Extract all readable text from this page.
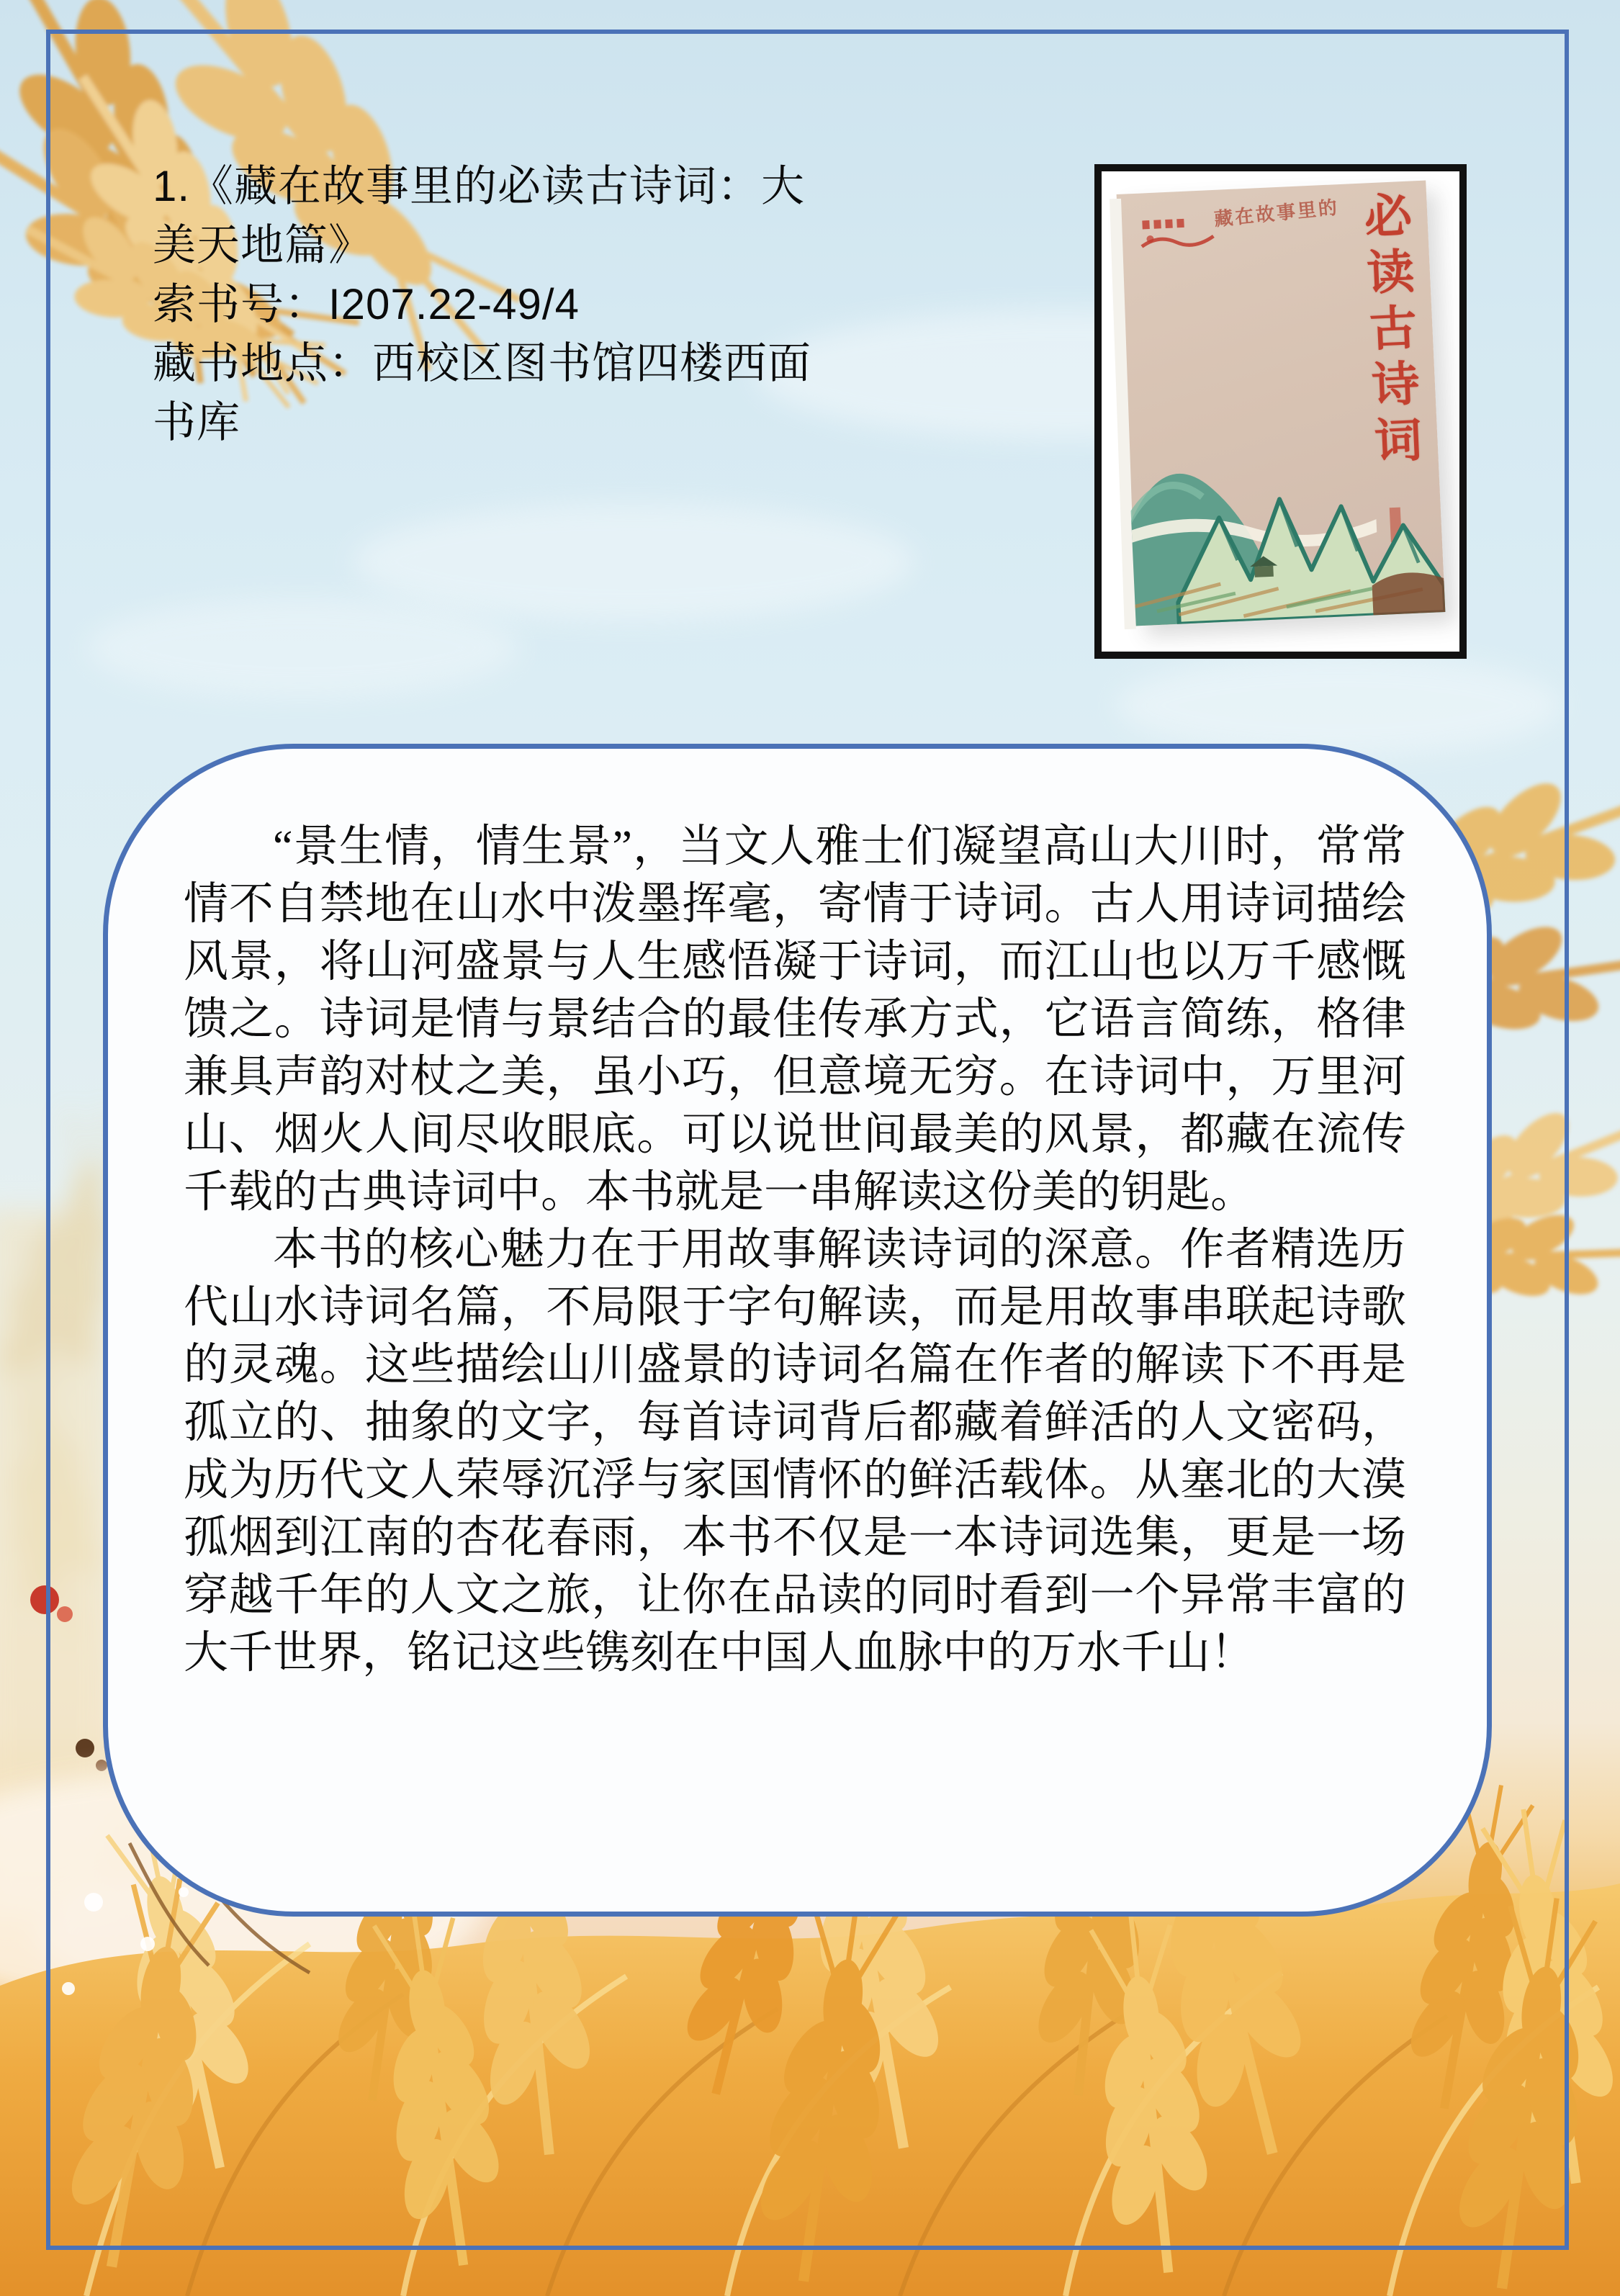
1.《藏在故事里的必读古诗词：大美天地篇》
索书号：I207.22-49/4
藏书地点：西校区图书馆四楼西面书库
藏在故事里的 必读古诗词

“景生情，情生景”，当文人雅士们凝望高山大川时，常常情不自禁地在山水中泼墨挥毫，寄情于诗词。古人用诗词描绘风景，将山河盛景与人生感悟凝于诗词，而江山也以万千感慨馈之。诗词是情与景结合的最佳传承方式，它语言简练，格律兼具声韵对杖之美，虽小巧，但意境无穷。在诗词中，万里河山、烟火人间尽收眼底。可以说世间最美的风景，都藏在流传千载的古典诗词中。本书就是一串解读这份美的钥匙。

本书的核心魅力在于用故事解读诗词的深意。作者精选历代山水诗词名篇，不局限于字句解读，而是用故事串联起诗歌的灵魂。这些描绘山川盛景的诗词名篇在作者的解读下不再是孤立的、抽象的文字，每首诗词背后都藏着鲜活的人文密码，成为历代文人荣辱沉浮与家国情怀的鲜活载体。从塞北的大漠孤烟到江南的杏花春雨，本书不仅是一本诗词选集，更是一场穿越千年的人文之旅，让你在品读的同时看到一个异常丰富的大千世界，铭记这些镌刻在中国人血脉中的万水千山！
